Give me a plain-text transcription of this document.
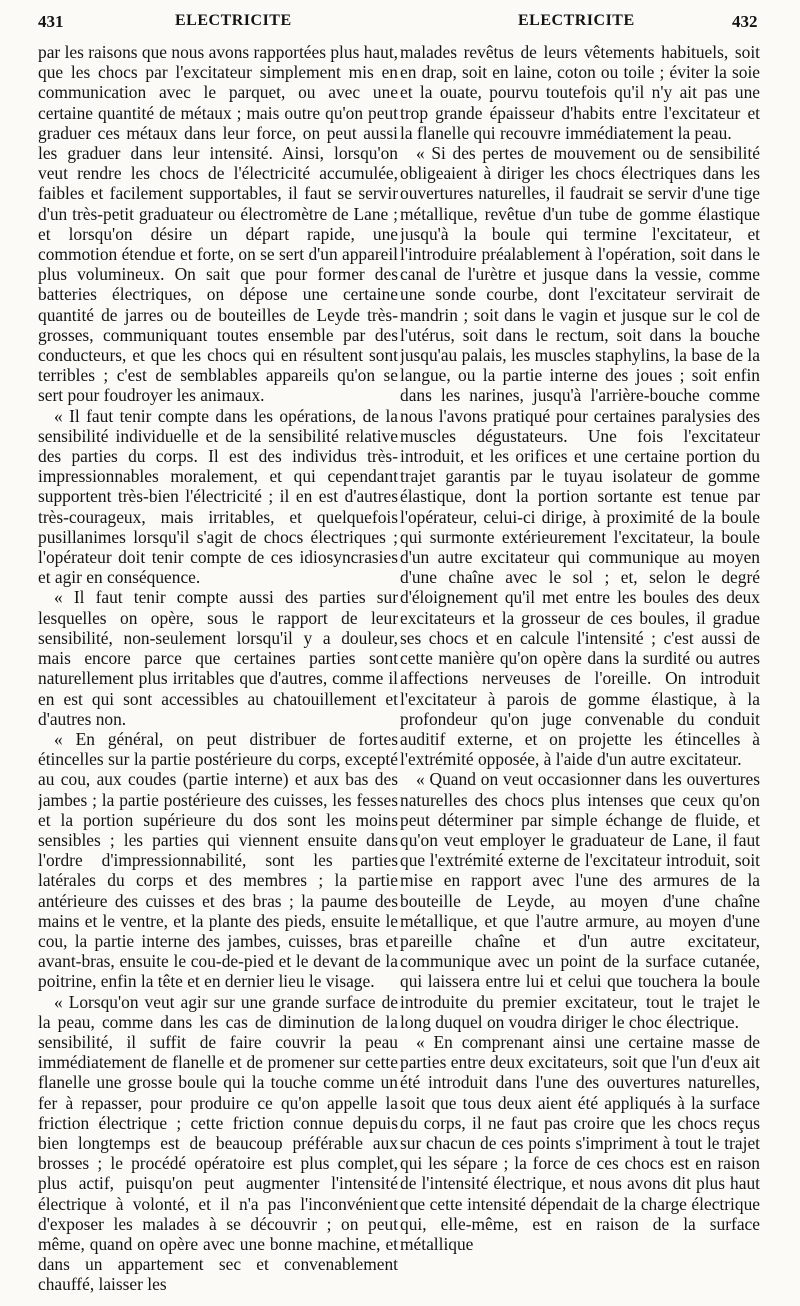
431	ELECTRICITE	ELECTRICITE	432

par les raisons que nous avons rapportées plus haut, que les chocs par l'excitateur simplement mis en communication avec le parquet, ou avec une certaine quantité de métaux ; mais outre qu'on peut graduer ces métaux dans leur force, on peut aussi les graduer dans leur intensité. Ainsi, lorsqu'on veut rendre les chocs de l'électricité accumulée, faibles et facilement supportables, il faut se servir d'un très-petit graduateur ou électromètre de Lane ; et lorsqu'on désire un départ rapide, une commotion étendue et forte, on se sert d'un appareil plus volumineux. On sait que pour former des batteries électriques, on dépose une certaine quantité de jarres ou de bouteilles de Leyde très-grosses, communiquant toutes ensemble par des conducteurs, et que les chocs qui en résultent sont terribles ; c'est de semblables appareils qu'on se sert pour foudroyer les animaux.

« Il faut tenir compte dans les opérations, de la sensibilité individuelle et de la sensibilité relative des parties du corps. Il est des individus très-impressionnables moralement, et qui cependant supportent très-bien l'électricité ; il en est d'autres très-courageux, mais irritables, et quelquefois pusillanimes lorsqu'il s'agit de chocs électriques ; l'opérateur doit tenir compte de ces idiosyncrasies et agir en conséquence.

« Il faut tenir compte aussi des parties sur lesquelles on opère, sous le rapport de leur sensibilité, non-seulement lorsqu'il y a douleur, mais encore parce que certaines parties sont naturellement plus irritables que d'autres, comme il en est qui sont accessibles au chatouillement et d'autres non.

« En général, on peut distribuer de fortes étincelles sur la partie postérieure du corps, excepté au cou, aux coudes (partie interne) et aux bas des jambes ; la partie postérieure des cuisses, les fesses et la portion supérieure du dos sont les moins sensibles ; les parties qui viennent ensuite dans l'ordre d'impressionnabilité, sont les parties latérales du corps et des membres ; la partie antérieure des cuisses et des bras ; la paume des mains et le ventre, et la plante des pieds, ensuite le cou, la partie interne des jambes, cuisses, bras et avant-bras, ensuite le cou-de-pied et le devant de la poitrine, enfin la tête et en dernier lieu le visage.

« Lorsqu'on veut agir sur une grande surface de la peau, comme dans les cas de diminution de la sensibilité, il suffit de faire couvrir la peau immédiatement de flanelle et de promener sur cette flanelle une grosse boule qui la touche comme un fer à repasser, pour produire ce qu'on appelle la friction électrique ; cette friction connue depuis bien longtemps est de beaucoup préférable aux brosses ; le procédé opératoire est plus complet, plus actif, puisqu'on peut augmenter l'intensité électrique à volonté, et il n'a pas l'inconvénient d'exposer les malades à se découvrir ; on peut même, quand on opère avec une bonne machine, et dans un appartement sec et convenablement chauffé, laisser les

malades revêtus de leurs vêtements habituels, soit en drap, soit en laine, coton ou toile ; éviter la soie et la ouate, pourvu toutefois qu'il n'y ait pas une trop grande épaisseur d'habits entre l'excitateur et la flanelle qui recouvre immédiatement la peau.

« Si des pertes de mouvement ou de sensibilité obligeaient à diriger les chocs électriques dans les ouvertures naturelles, il faudrait se servir d'une tige métallique, revêtue d'un tube de gomme élastique jusqu'à la boule qui termine l'excitateur, et l'introduire préalablement à l'opération, soit dans le canal de l'urètre et jusque dans la vessie, comme une sonde courbe, dont l'excitateur servirait de mandrin ; soit dans le vagin et jusque sur le col de l'utérus, soit dans le rectum, soit dans la bouche jusqu'au palais, les muscles staphylins, la base de la langue, ou la partie interne des joues ; soit enfin dans les narines, jusqu'à l'arrière-bouche comme nous l'avons pratiqué pour certaines paralysies des muscles dégustateurs. Une fois l'excitateur introduit, et les orifices et une certaine portion du trajet garantis par le tuyau isolateur de gomme élastique, dont la portion sortante est tenue par l'opérateur, celui-ci dirige, à proximité de la boule qui surmonte extérieurement l'excitateur, la boule d'un autre excitateur qui communique au moyen d'une chaîne avec le sol ; et, selon le degré d'éloignement qu'il met entre les boules des deux excitateurs et la grosseur de ces boules, il gradue ses chocs et en calcule l'intensité ; c'est aussi de cette manière qu'on opère dans la surdité ou autres affections nerveuses de l'oreille. On introduit l'excitateur à parois de gomme élastique, à la profondeur qu'on juge convenable du conduit auditif externe, et on projette les étincelles à l'extrémité opposée, à l'aide d'un autre excitateur.

« Quand on veut occasionner dans les ouvertures naturelles des chocs plus intenses que ceux qu'on peut déterminer par simple échange de fluide, et qu'on veut employer le graduateur de Lane, il faut que l'extrémité externe de l'excitateur introduit, soit mise en rapport avec l'une des armures de la bouteille de Leyde, au moyen d'une chaîne métallique, et que l'autre armure, au moyen d'une pareille chaîne et d'un autre excitateur, communique avec un point de la surface cutanée, qui laissera entre lui et celui que touchera la boule introduite du premier excitateur, tout le trajet le long duquel on voudra diriger le choc électrique.

« En comprenant ainsi une certaine masse de parties entre deux excitateurs, soit que l'un d'eux ait été introduit dans l'une des ouvertures naturelles, soit que tous deux aient été appliqués à la surface du corps, il ne faut pas croire que les chocs reçus sur chacun de ces points s'impriment à tout le trajet qui les sépare ; la force de ces chocs est en raison de l'intensité électrique, et nous avons dit plus haut que cette intensité dépendait de la charge électrique qui, elle-même, est en raison de la surface métallique
